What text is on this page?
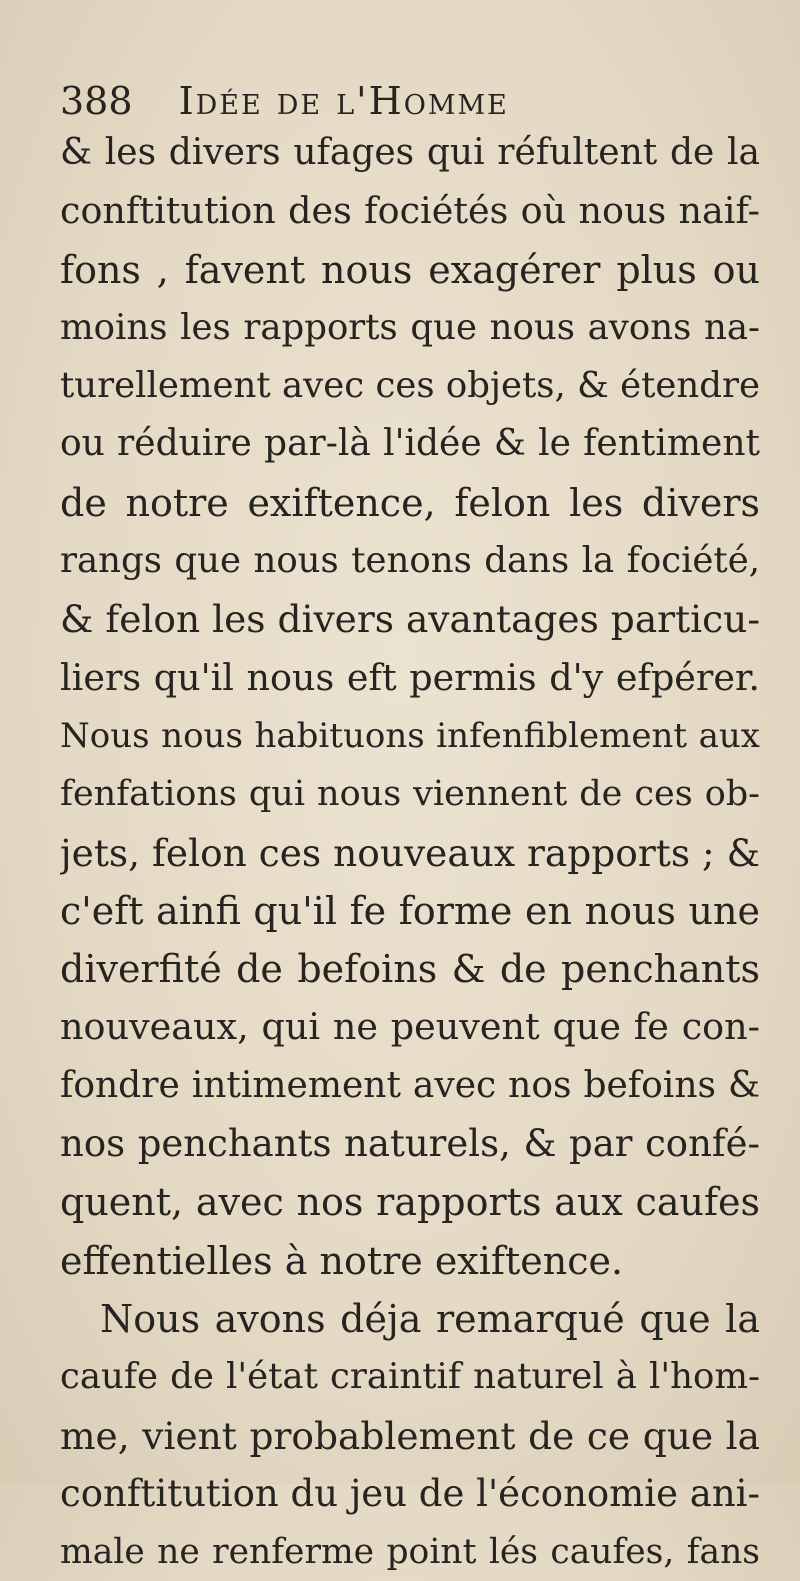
388 Idée de l'Homme
& les divers ufages qui réfultent de la
conftitution des fociétés où nous naif-
fons , favent nous exagérer plus ou
moins les rapports que nous avons na-
turellement avec ces objets, & étendre
ou réduire par-là l'idée & le fentiment
de notre exiftence, felon les divers
rangs que nous tenons dans la fociété,
& felon les divers avantages particu-
liers qu'il nous eft permis d'y efpérer.
Nous nous habituons infenfiblement aux
fenfations qui nous viennent de ces ob-
jets, felon ces nouveaux rapports ; &
c'eft ainfi qu'il fe forme en nous une
diverfité de befoins & de penchants
nouveaux, qui ne peuvent que fe con-
fondre intimement avec nos befoins &
nos penchants naturels, & par confé-
quent, avec nos rapports aux caufes
effentielles à notre exiftence.
Nous avons déja remarqué que la
caufe de l'état craintif naturel à l'hom-
me, vient probablement de ce que la
conftitution du jeu de l'économie ani-
male ne renferme point lés caufes, fans
